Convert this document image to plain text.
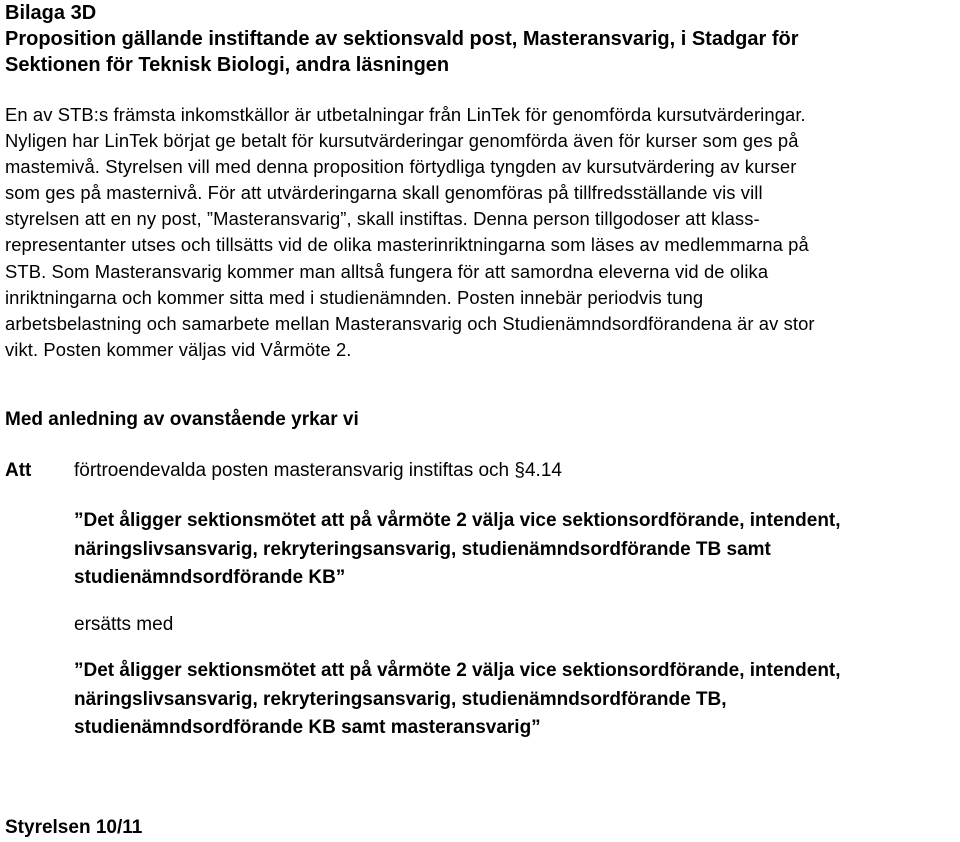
Bilaga 3D
Proposition gällande instiftande av sektionsvald post, Masteransvarig, i Stadgar för
Sektionen för Teknisk Biologi, andra läsningen
En av STB:s främsta inkomstkällor är utbetalningar från LinTek för genomförda kursutvärderingar.
Nyligen har LinTek börjat ge betalt för kursutvärderingar genomförda även för kurser som ges på
mastemivå. Styrelsen vill med denna proposition förtydliga tyngden av kursutvärdering av kurser
som ges på masternivå. För att utvärderingarna skall genomföras på tillfredsställande vis vill
styrelsen att en ny post, ”Masteransvarig”, skall instiftas. Denna person tillgodoser att klass-
representanter utses och tillsätts vid de olika masterinriktningarna som läses av medlemmarna på
STB. Som Masteransvarig kommer man alltså fungera för att samordna eleverna vid de olika
inriktningarna och kommer sitta med i studienämnden. Posten innebär periodvis tung
arbetsbelastning och samarbete mellan Masteransvarig och Studienämndsordförandena är av stor
vikt. Posten kommer väljas vid Vårmöte 2.
Med anledning av ovanstående yrkar vi
Att förtroendevalda posten masteransvarig instiftas och §4.14
”Det åligger sektionsmötet att på vårmöte 2 välja vice sektionsordförande, intendent,
näringslivsansvarig, rekryteringsansvarig, studienämndsordförande TB samt
studienämndsordförande KB”
ersätts med
”Det åligger sektionsmötet att på vårmöte 2 välja vice sektionsordförande, intendent,
näringslivsansvarig, rekryteringsansvarig, studienämndsordförande TB,
studienämndsordförande KB samt masteransvarig”
Styrelsen 10/11
